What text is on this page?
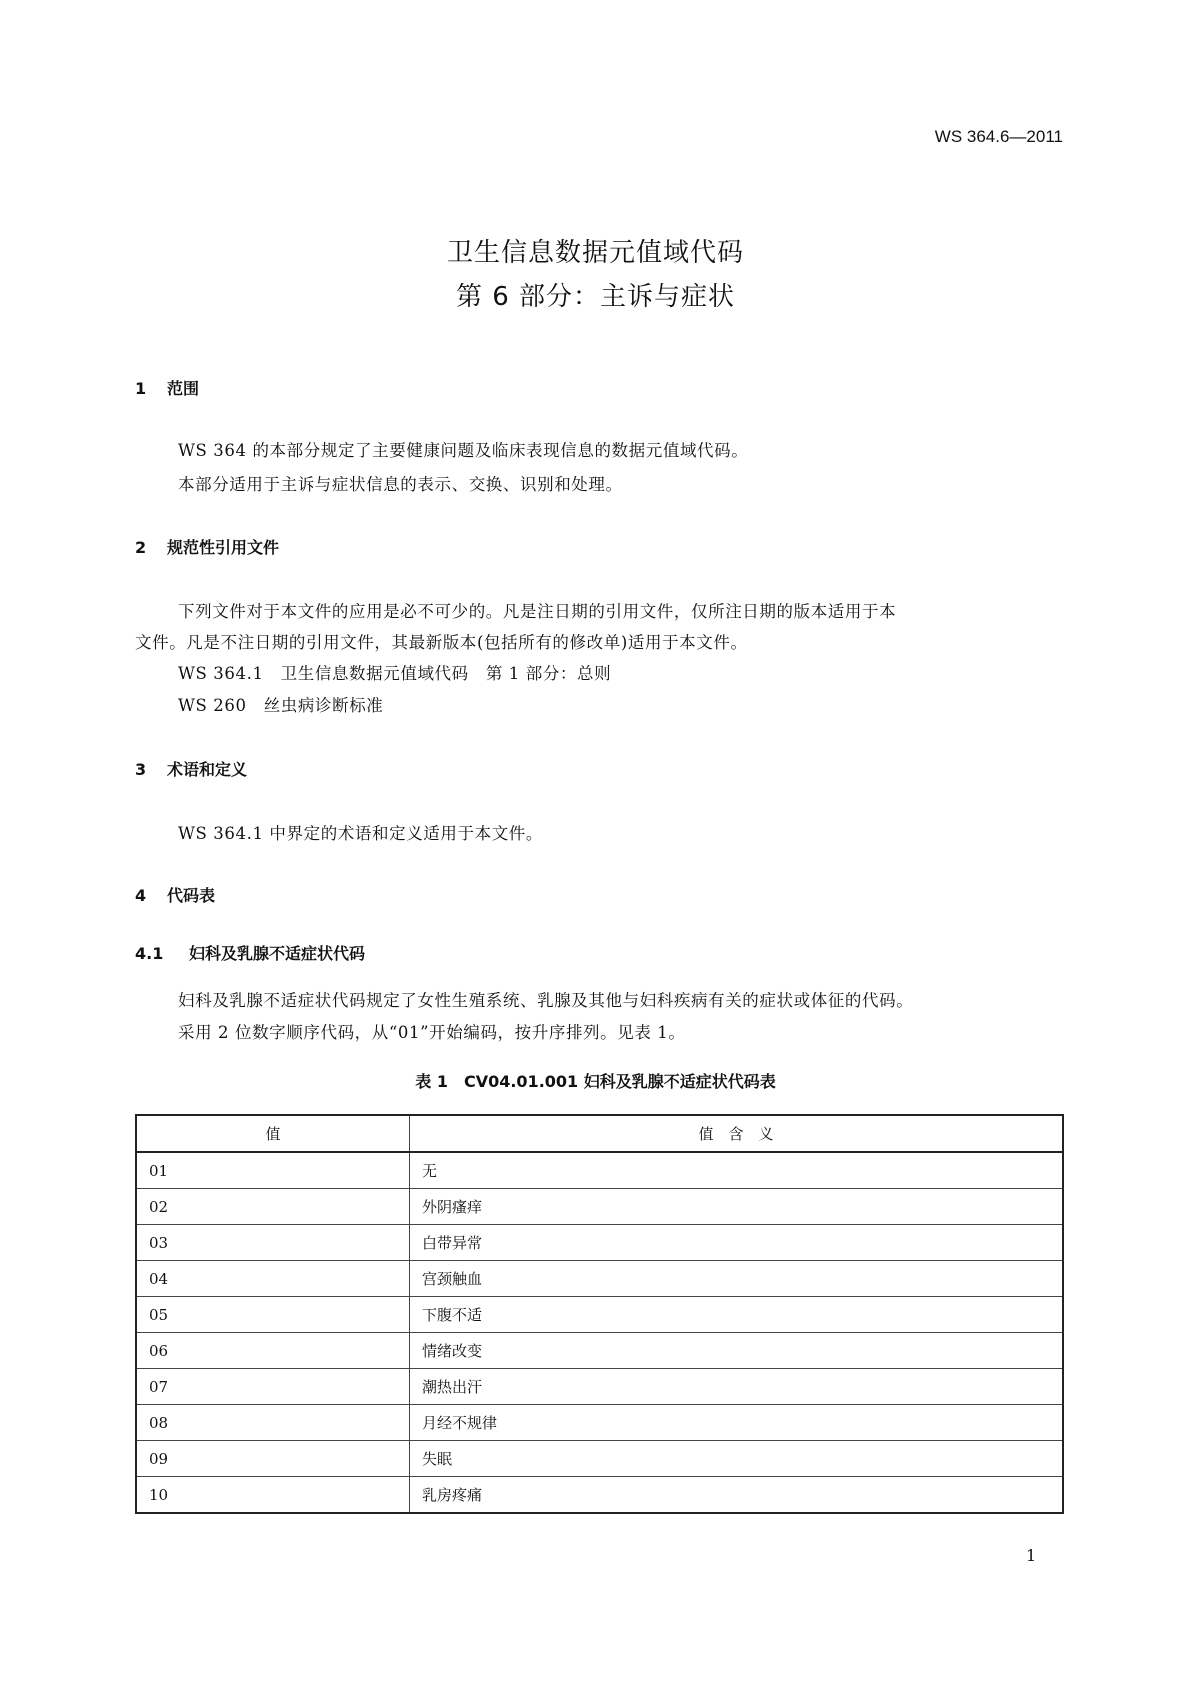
WS 364.6—2011
卫生信息数据元值域代码
第 6 部分：主诉与症状
1 范围
WS 364 的本部分规定了主要健康问题及临床表现信息的数据元值域代码。
本部分适用于主诉与症状信息的表示、交换、识别和处理。
2 规范性引用文件
下列文件对于本文件的应用是必不可少的。凡是注日期的引用文件，仅所注日期的版本适用于本
文件。凡是不注日期的引用文件，其最新版本(包括所有的修改单)适用于本文件。
WS 364.1　卫生信息数据元值域代码　第 1 部分：总则
WS 260　丝虫病诊断标准
3 术语和定义
WS 364.1 中界定的术语和定义适用于本文件。
4 代码表
4.1 妇科及乳腺不适症状代码
妇科及乳腺不适症状代码规定了女性生殖系统、乳腺及其他与妇科疾病有关的症状或体征的代码。
采用 2 位数字顺序代码，从“01”开始编码，按升序排列。见表 1。
表 1　CV04.01.001 妇科及乳腺不适症状代码表
值	值　含　义
01	无
02	外阴瘙痒
03	白带异常
04	宫颈触血
05	下腹不适
06	情绪改变
07	潮热出汗
08	月经不规律
09	失眠
10	乳房疼痛
1
